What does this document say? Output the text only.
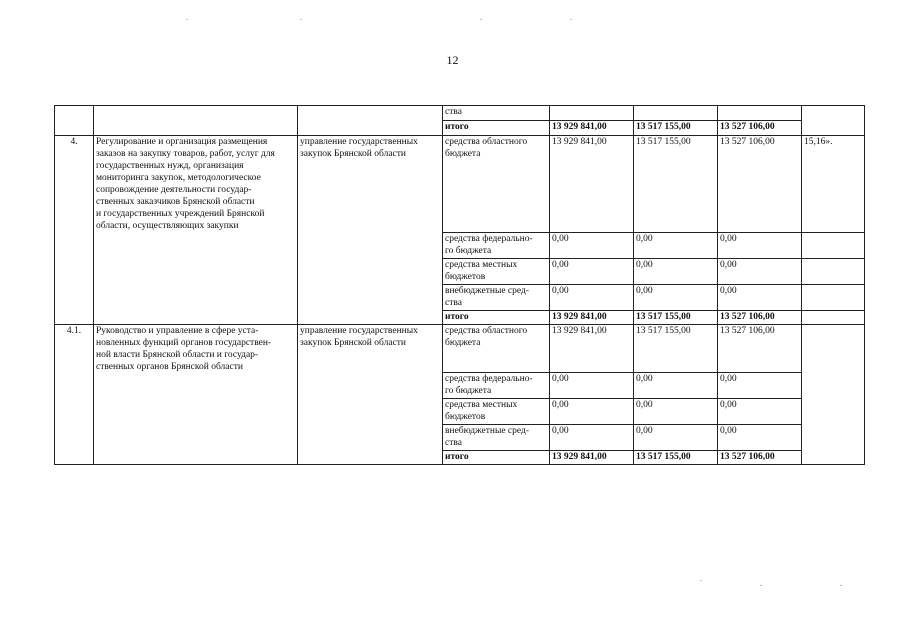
12
			ства				
			итого	13 929 841,00	13 517 155,00	13 527 106,00	
4.	Регулирование и организация размещения заказов на закупку товаров, работ, услуг для государственных нужд, организация мониторинга закупок, методологическое сопровождение деятельности государ-
ственных заказчиков Брянской области
и государственных учреждений Брянской области, осуществляющих закупки	управление государственных закупок Брянской области	средства областного бюджета	13 929 841,00	13 517 155,00	13 527 106,00	15,16».
			средства федерально-
го бюджета	0,00	0,00	0,00	
			средства местных
бюджетов	0,00	0,00	0,00	
			внебюджетные сред-
ства	0,00	0,00	0,00	
			итого	13 929 841,00	13 517 155,00	13 527 106,00	
4.1.	Руководство и управление в сфере уста-
новленных функций органов государствен-
ной власти Брянской области и государ-
ственных органов Брянской области	управление государственных закупок Брянской области	средства областного
бюджета	13 929 841,00	13 517 155,00	13 527 106,00	
			средства федерально-
го бюджета	0,00	0,00	0,00	
			средства местных
бюджетов	0,00	0,00	0,00	
			внебюджетные сред-
ства	0,00	0,00	0,00	
			итого	13 929 841,00	13 517 155,00	13 527 106,00	
